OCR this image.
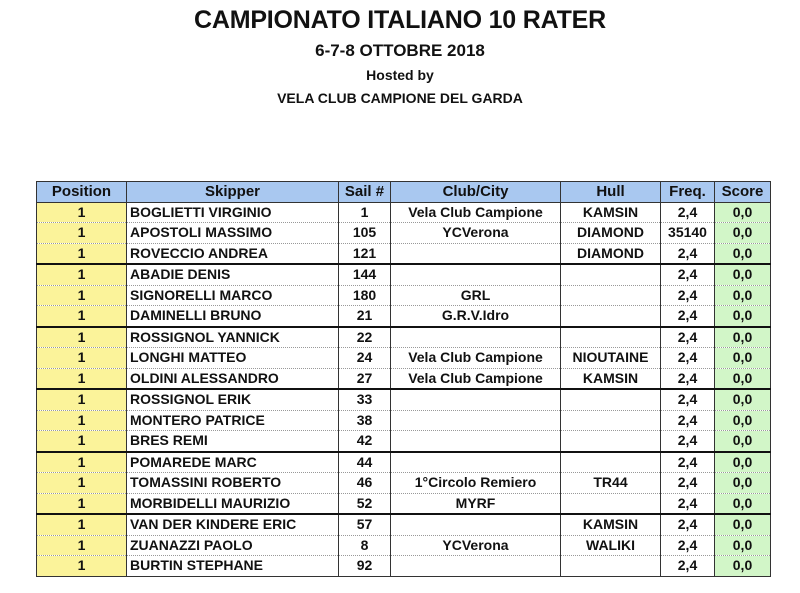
CAMPIONATO ITALIANO 10 RATER
6-7-8 OTTOBRE 2018
Hosted by
VELA CLUB CAMPIONE DEL GARDA
Position	Skipper	Sail #	Club/City	Hull	Freq.	Score
1	BOGLIETTI VIRGINIO	1	Vela Club Campione	KAMSIN	2,4	0,0
1	APOSTOLI MASSIMO	105	YCVerona	DIAMOND	35140	0,0
1	ROVECCIO ANDREA	121		DIAMOND	2,4	0,0
1	ABADIE DENIS	144			2,4	0,0
1	SIGNORELLI MARCO	180	GRL		2,4	0,0
1	DAMINELLI BRUNO	21	G.R.V.Idro		2,4	0,0
1	ROSSIGNOL YANNICK	22			2,4	0,0
1	LONGHI MATTEO	24	Vela Club Campione	NIOUTAINE	2,4	0,0
1	OLDINI ALESSANDRO	27	Vela Club Campione	KAMSIN	2,4	0,0
1	ROSSIGNOL ERIK	33			2,4	0,0
1	MONTERO PATRICE	38			2,4	0,0
1	BRES REMI	42			2,4	0,0
1	POMAREDE MARC	44			2,4	0,0
1	TOMASSINI ROBERTO	46	1°Circolo Remiero	TR44	2,4	0,0
1	MORBIDELLI MAURIZIO	52	MYRF		2,4	0,0
1	VAN DER KINDERE ERIC	57		KAMSIN	2,4	0,0
1	ZUANAZZI PAOLO	8	YCVerona	WALIKI	2,4	0,0
1	BURTIN STEPHANE	92			2,4	0,0
